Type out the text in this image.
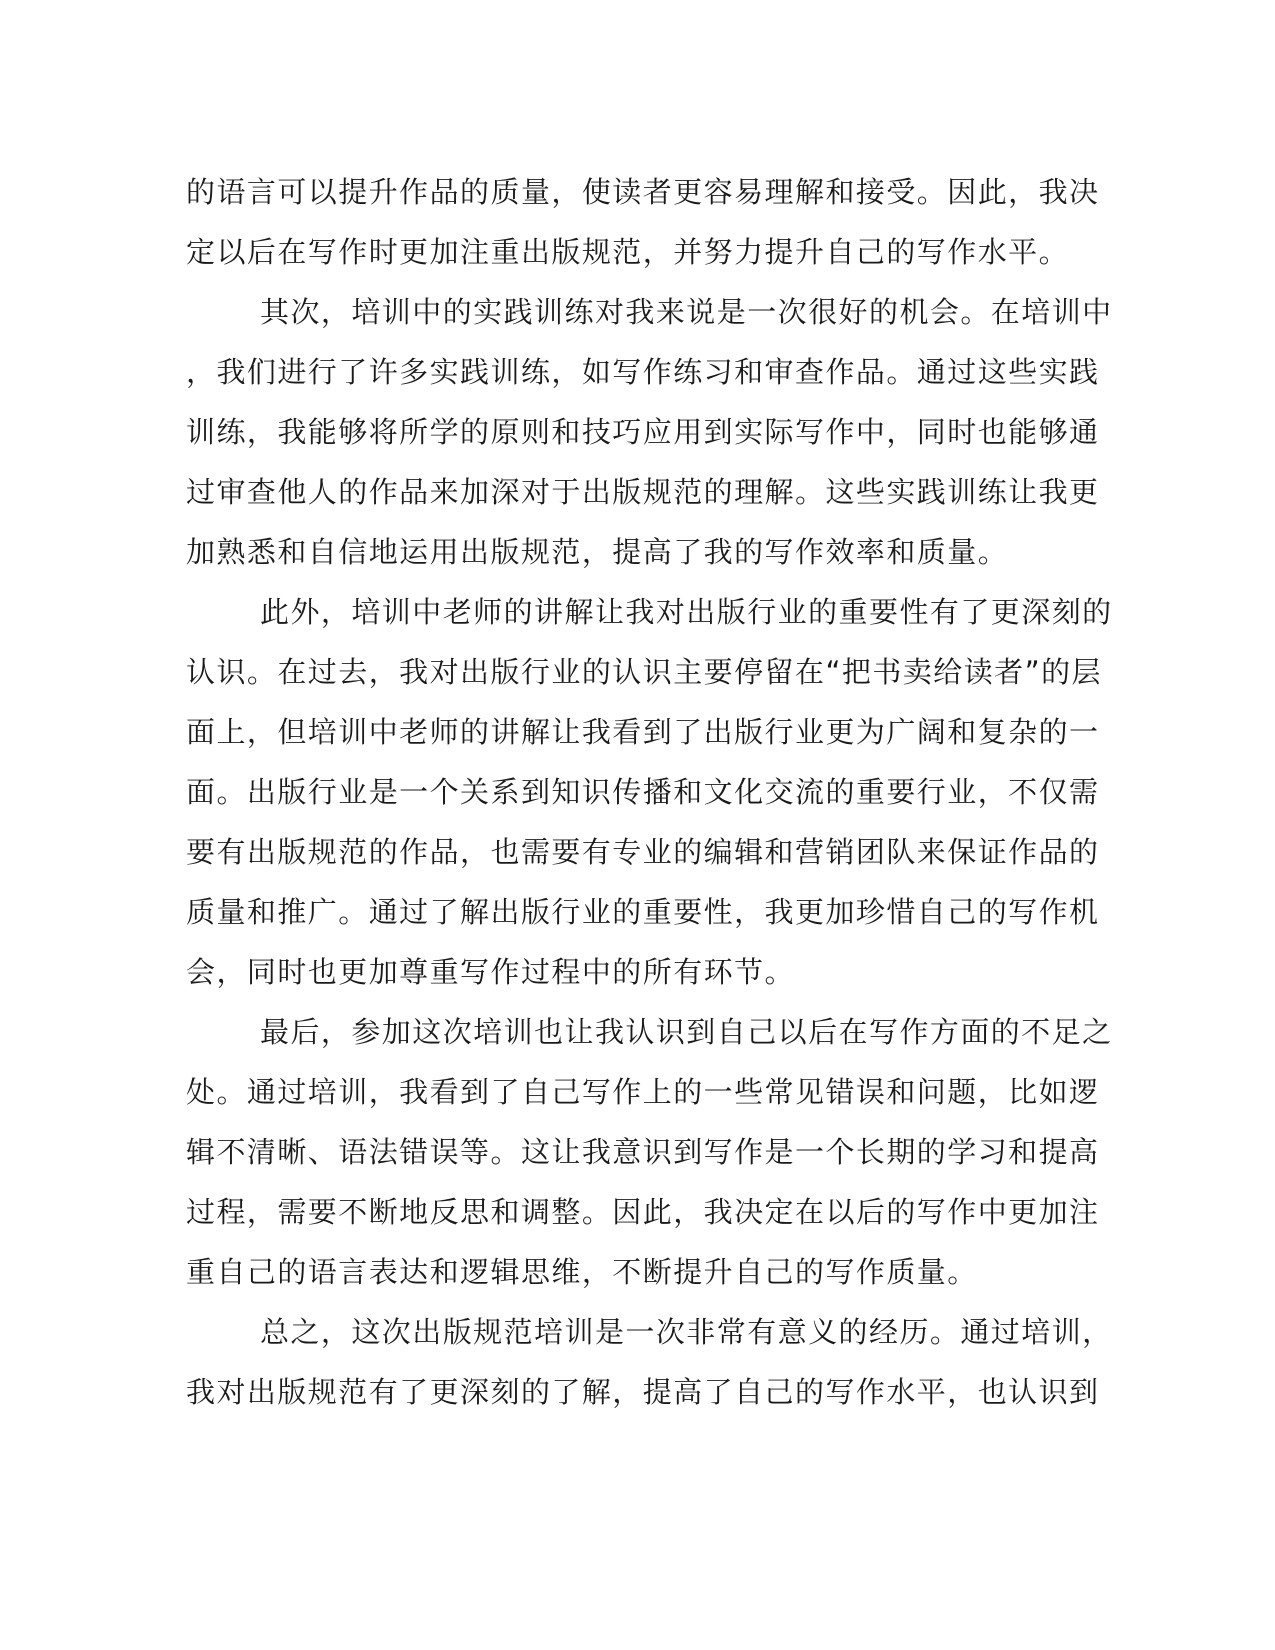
的语言可以提升作品的质量，使读者更容易理解和接受。因此，我决
定以后在写作时更加注重出版规范，并努力提升自己的写作水平。
其次，培训中的实践训练对我来说是一次很好的机会。在培训中
，我们进行了许多实践训练，如写作练习和审查作品。通过这些实践
训练，我能够将所学的原则和技巧应用到实际写作中，同时也能够通
过审查他人的作品来加深对于出版规范的理解。这些实践训练让我更
加熟悉和自信地运用出版规范，提高了我的写作效率和质量。
此外，培训中老师的讲解让我对出版行业的重要性有了更深刻的
认识。在过去，我对出版行业的认识主要停留在“把书卖给读者”的层
面上，但培训中老师的讲解让我看到了出版行业更为广阔和复杂的一
面。出版行业是一个关系到知识传播和文化交流的重要行业，不仅需
要有出版规范的作品，也需要有专业的编辑和营销团队来保证作品的
质量和推广。通过了解出版行业的重要性，我更加珍惜自己的写作机
会，同时也更加尊重写作过程中的所有环节。
最后，参加这次培训也让我认识到自己以后在写作方面的不足之
处。通过培训，我看到了自己写作上的一些常见错误和问题，比如逻
辑不清晰、语法错误等。这让我意识到写作是一个长期的学习和提高
过程，需要不断地反思和调整。因此，我决定在以后的写作中更加注
重自己的语言表达和逻辑思维，不断提升自己的写作质量。
总之，这次出版规范培训是一次非常有意义的经历。通过培训，
我对出版规范有了更深刻的了解，提高了自己的写作水平，也认识到
